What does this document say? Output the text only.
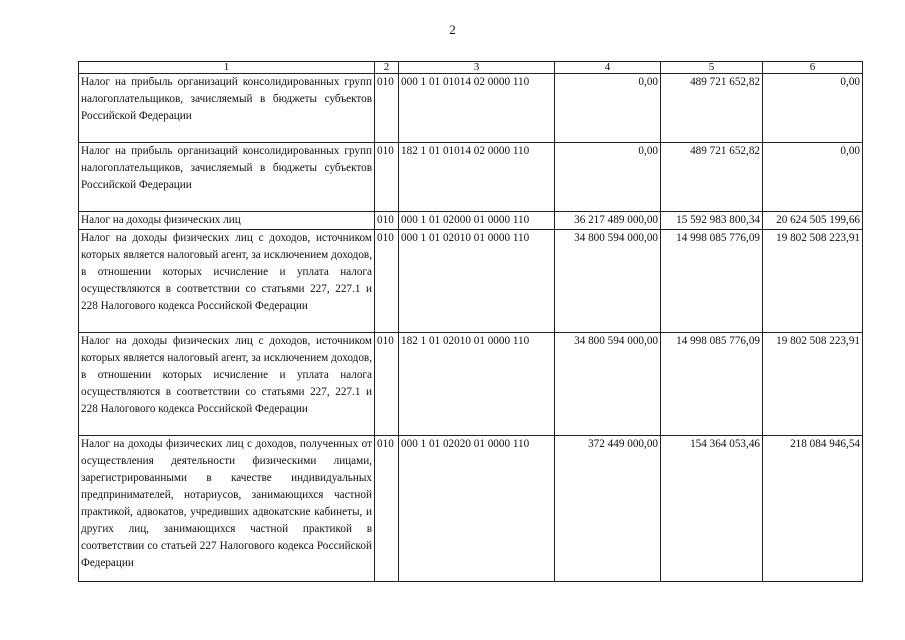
2
1	2	3	4	5	6
Налог на прибыль организаций консолидированных групп налогоплательщиков, зачисляемый в бюджеты субъектов Российской Федерации	010	000 1 01 01014 02 0000 110	0,00	489 721 652,82	0,00
Налог на прибыль организаций консолидированных групп налогоплательщиков, зачисляемый в бюджеты субъектов Российской Федерации	010	182 1 01 01014 02 0000 110	0,00	489 721 652,82	0,00
Налог на доходы физических лиц	010	000 1 01 02000 01 0000 110	36 217 489 000,00	15 592 983 800,34	20 624 505 199,66
Налог на доходы физических лиц с доходов, источником которых является налоговый агент, за исключением доходов, в отношении которых исчисление и уплата налога осуществляются в соответствии со статьями 227, 227.1 и 228 Налогового кодекса Российской Федерации	010	000 1 01 02010 01 0000 110	34 800 594 000,00	14 998 085 776,09	19 802 508 223,91
Налог на доходы физических лиц с доходов, источником которых является налоговый агент, за исключением доходов, в отношении которых исчисление и уплата налога осуществляются в соответствии со статьями 227, 227.1 и 228 Налогового кодекса Российской Федерации	010	182 1 01 02010 01 0000 110	34 800 594 000,00	14 998 085 776,09	19 802 508 223,91
Налог на доходы физических лиц с доходов, полученных от осуществления деятельности физическими лицами, зарегистрированными в качестве индивидуальных предпринимателей, нотариусов, занимающихся частной практикой, адвокатов, учредивших адвокатские кабинеты, и других лиц, занимающихся частной практикой в соответствии со статьей 227 Налогового кодекса Российской Федерации	010	000 1 01 02020 01 0000 110	372 449 000,00	154 364 053,46	218 084 946,54
